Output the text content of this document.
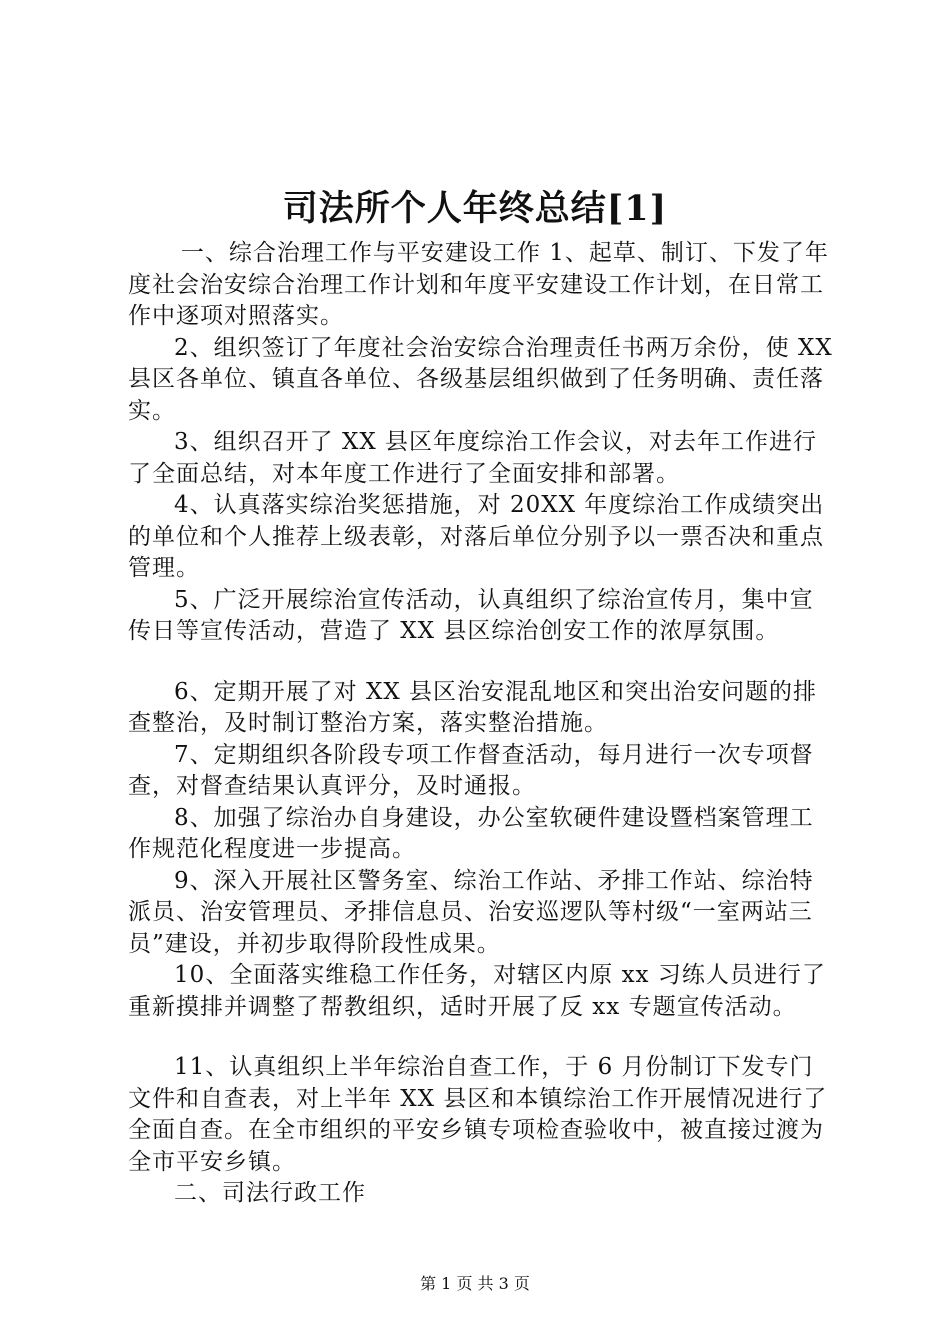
司法所个人年终总结[1]

一、综合治理工作与平安建设工作 1、起草、制订、下发了年度社会治安综合治理工作计划和年度平安建设工作计划，在日常工作中逐项对照落实。

2、组织签订了年度社会治安综合治理责任书两万余份，使 XX 县区各单位、镇直各单位、各级基层组织做到了任务明确、责任落实。

3、组织召开了 XX 县区年度综治工作会议，对去年工作进行了全面总结，对本年度工作进行了全面安排和部署。

4、认真落实综治奖惩措施，对 20XX 年度综治工作成绩突出的单位和个人推荐上级表彰，对落后单位分别予以一票否决和重点管理。

5、广泛开展综治宣传活动，认真组织了综治宣传月，集中宣传日等宣传活动，营造了 XX 县区综治创安工作的浓厚氛围。

6、定期开展了对 XX 县区治安混乱地区和突出治安问题的排查整治，及时制订整治方案，落实整治措施。

7、定期组织各阶段专项工作督查活动，每月进行一次专项督查，对督查结果认真评分，及时通报。

8、加强了综治办自身建设，办公室软硬件建设暨档案管理工作规范化程度进一步提高。

9、深入开展社区警务室、综治工作站、矛排工作站、综治特派员、治安管理员、矛排信息员、治安巡逻队等村级“一室两站三员”建设，并初步取得阶段性成果。

10、全面落实维稳工作任务，对辖区内原 xx 习练人员进行了重新摸排并调整了帮教组织，适时开展了反 xx 专题宣传活动。

11、认真组织上半年综治自查工作，于 6 月份制订下发专门文件和自查表，对上半年 XX 县区和本镇综治工作开展情况进行了全面自查。在全市组织的平安乡镇专项检查验收中，被直接过渡为全市平安乡镇。

二、司法行政工作

第 1 页 共 3 页
